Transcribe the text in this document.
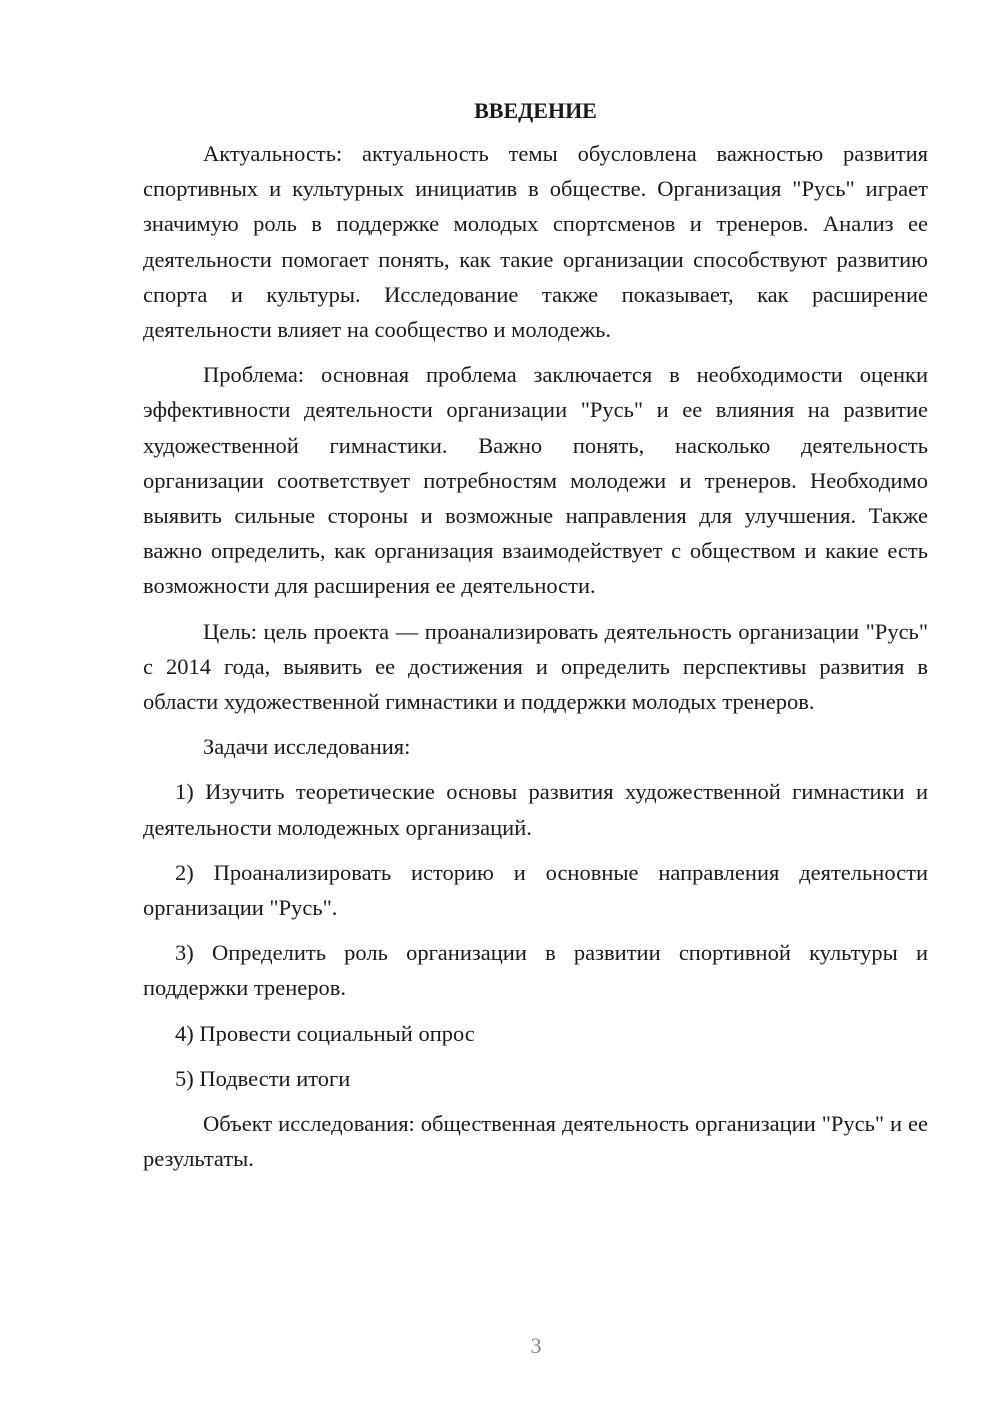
ВВЕДЕНИЕ

Актуальность: актуальность темы обусловлена важностью развития спортивных и культурных инициатив в обществе. Организация "Русь" играет значимую роль в поддержке молодых спортсменов и тренеров. Анализ ее деятельности помогает понять, как такие организации способствуют развитию спорта и культуры. Исследование также показывает, как расширение деятельности влияет на сообщество и молодежь.

Проблема: основная проблема заключается в необходимости оценки эффективности деятельности организации "Русь" и ее влияния на развитие художественной гимнастики. Важно понять, насколько деятельность организации соответствует потребностям молодежи и тренеров. Необходимо выявить сильные стороны и возможные направления для улучшения. Также важно определить, как организация взаимодействует с обществом и какие есть возможности для расширения ее деятельности.

Цель: цель проекта — проанализировать деятельность организации "Русь" с 2014 года, выявить ее достижения и определить перспективы развития в области художественной гимнастики и поддержки молодых тренеров.

Задачи исследования:

1) Изучить теоретические основы развития художественной гимнастики и деятельности молодежных организаций.

2) Проанализировать историю и основные направления деятельности организации "Русь".

3) Определить роль организации в развитии спортивной культуры и поддержки тренеров.

4) Провести социальный опрос

5) Подвести итоги

Объект исследования: общественная деятельность организации "Русь" и ее результаты.

3
